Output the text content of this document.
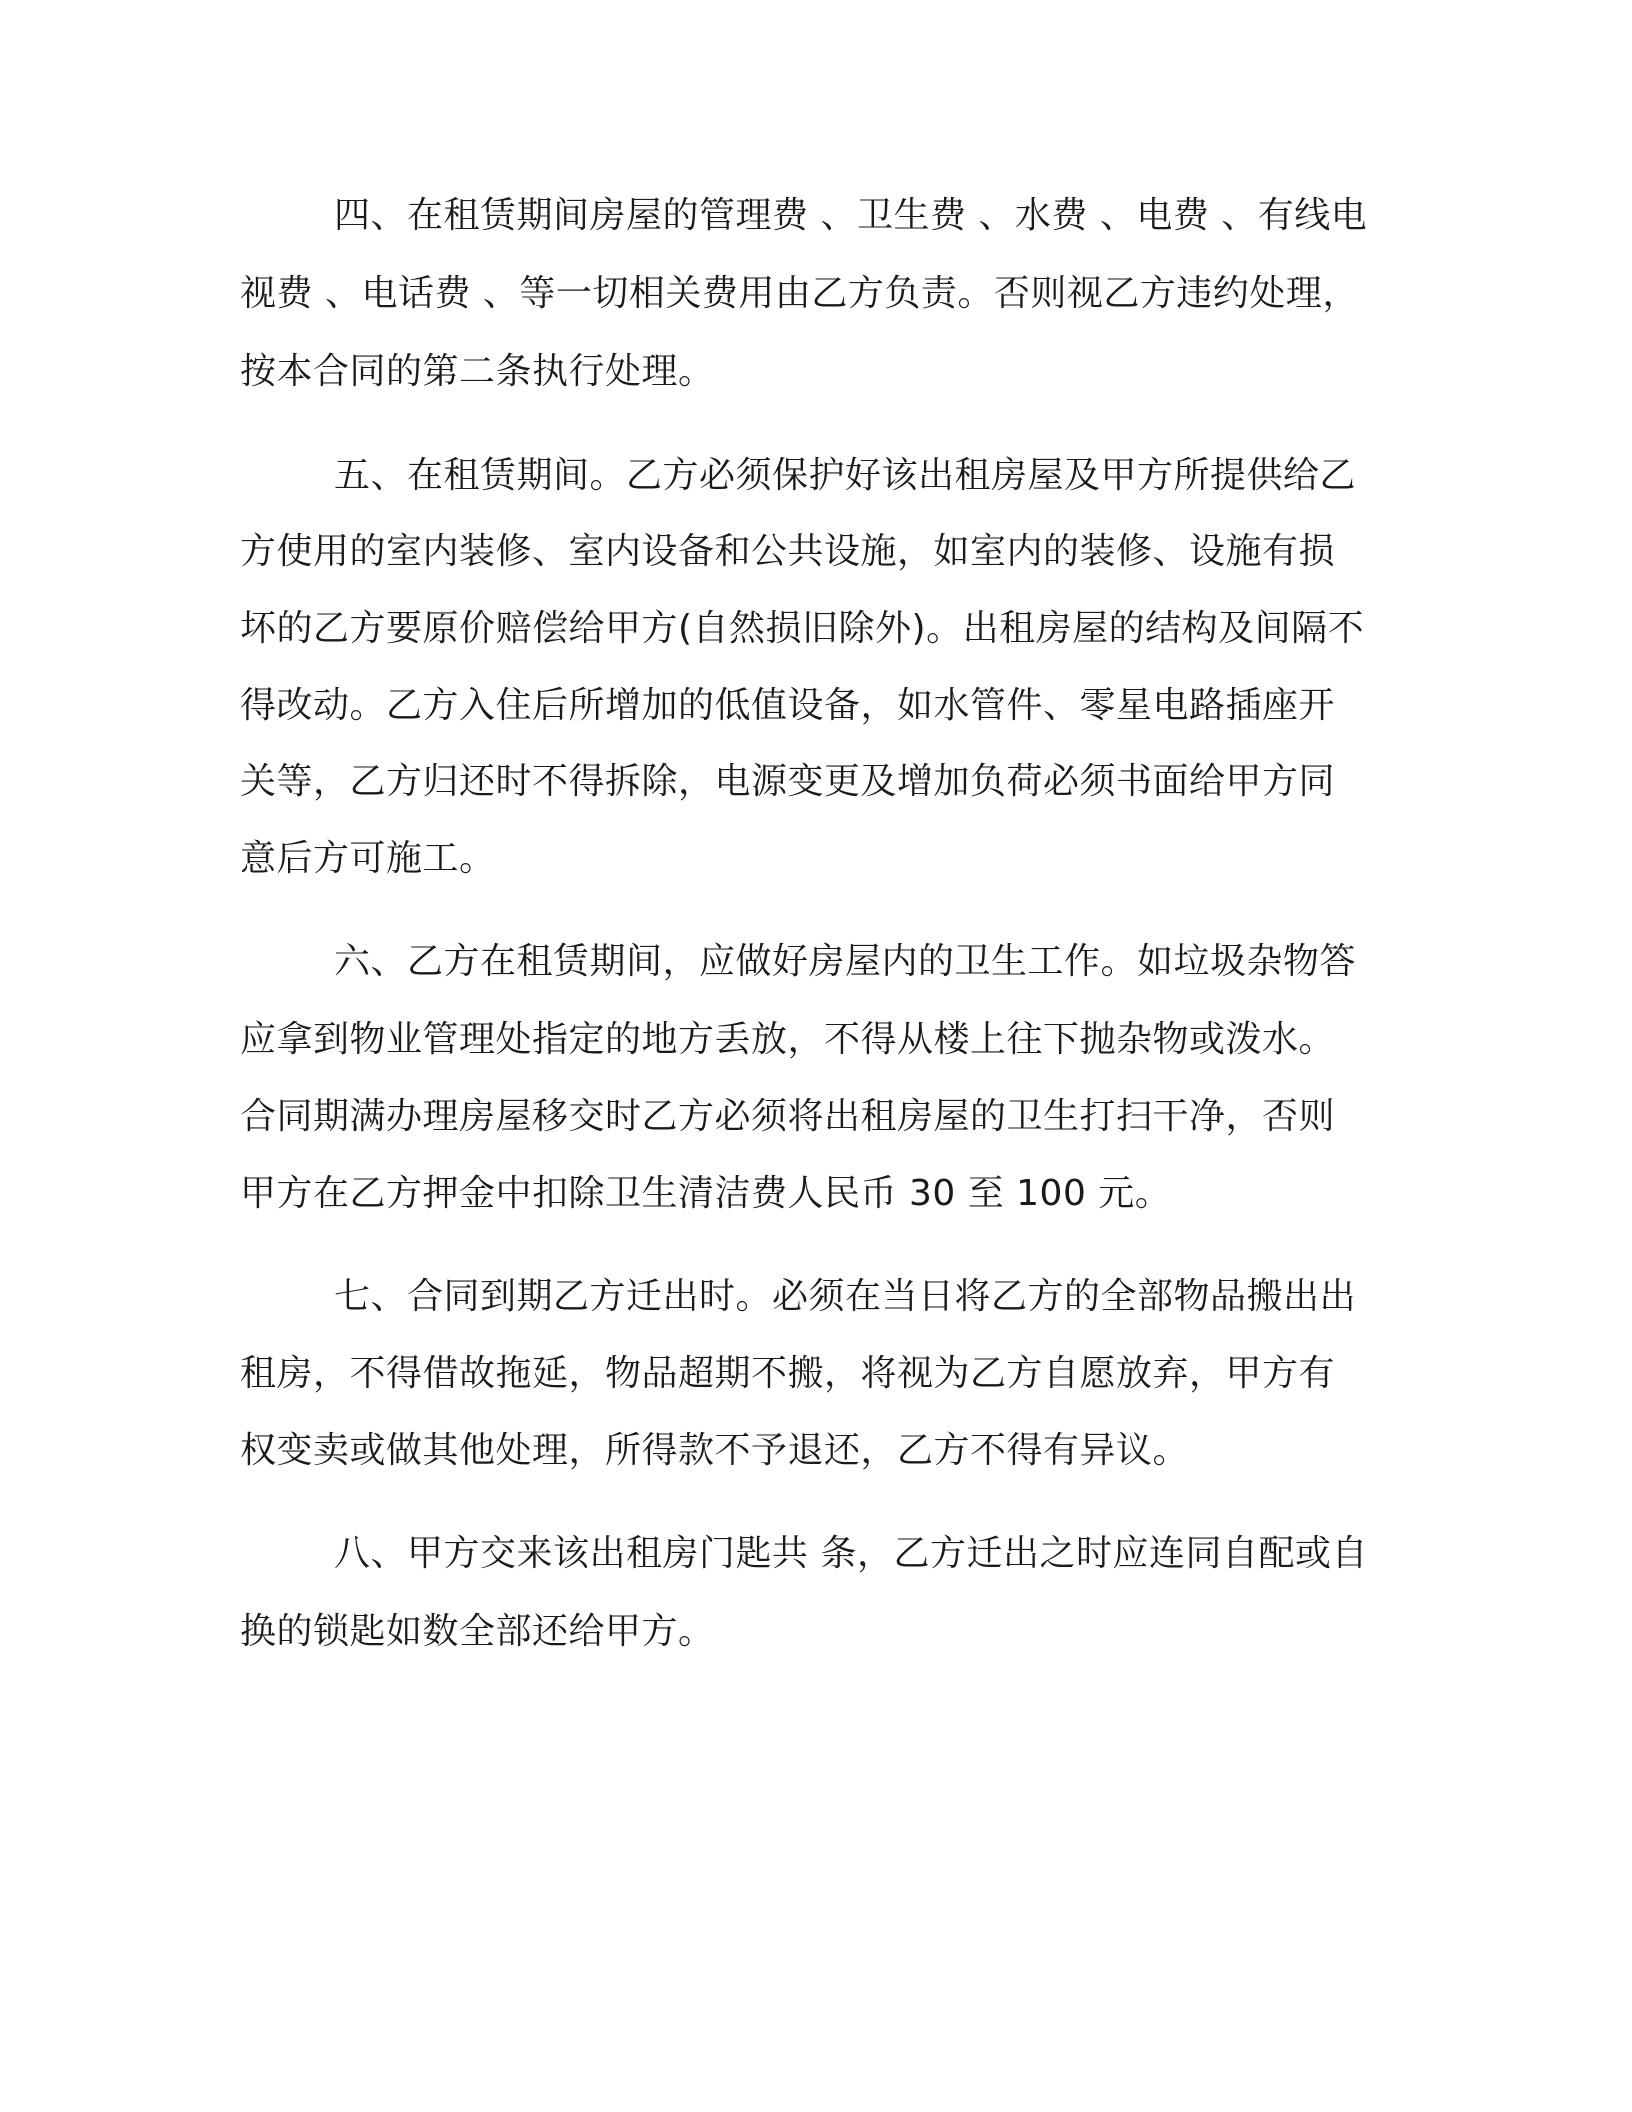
四、在租赁期间房屋的管理费 、卫生费 、水费 、电费 、有线电
视费 、电话费 、等一切相关费用由乙方负责。否则视乙方违约处理，
按本合同的第二条执行处理。
五、在租赁期间。乙方必须保护好该出租房屋及甲方所提供给乙
方使用的室内装修、室内设备和公共设施，如室内的装修、设施有损
坏的乙方要原价赔偿给甲方(自然损旧除外)。出租房屋的结构及间隔不
得改动。乙方入住后所增加的低值设备，如水管件、零星电路插座开
关等，乙方归还时不得拆除，电源变更及增加负荷必须书面给甲方同
意后方可施工。
六、乙方在租赁期间，应做好房屋内的卫生工作。如垃圾杂物答
应拿到物业管理处指定的地方丢放，不得从楼上往下抛杂物或泼水。
合同期满办理房屋移交时乙方必须将出租房屋的卫生打扫干净，否则
甲方在乙方押金中扣除卫生清洁费人民币 30 至 100 元。
七、合同到期乙方迁出时。必须在当日将乙方的全部物品搬出出
租房，不得借故拖延，物品超期不搬，将视为乙方自愿放弃，甲方有
权变卖或做其他处理，所得款不予退还，乙方不得有异议。
八、甲方交来该出租房门匙共 条，乙方迁出之时应连同自配或自
换的锁匙如数全部还给甲方。
